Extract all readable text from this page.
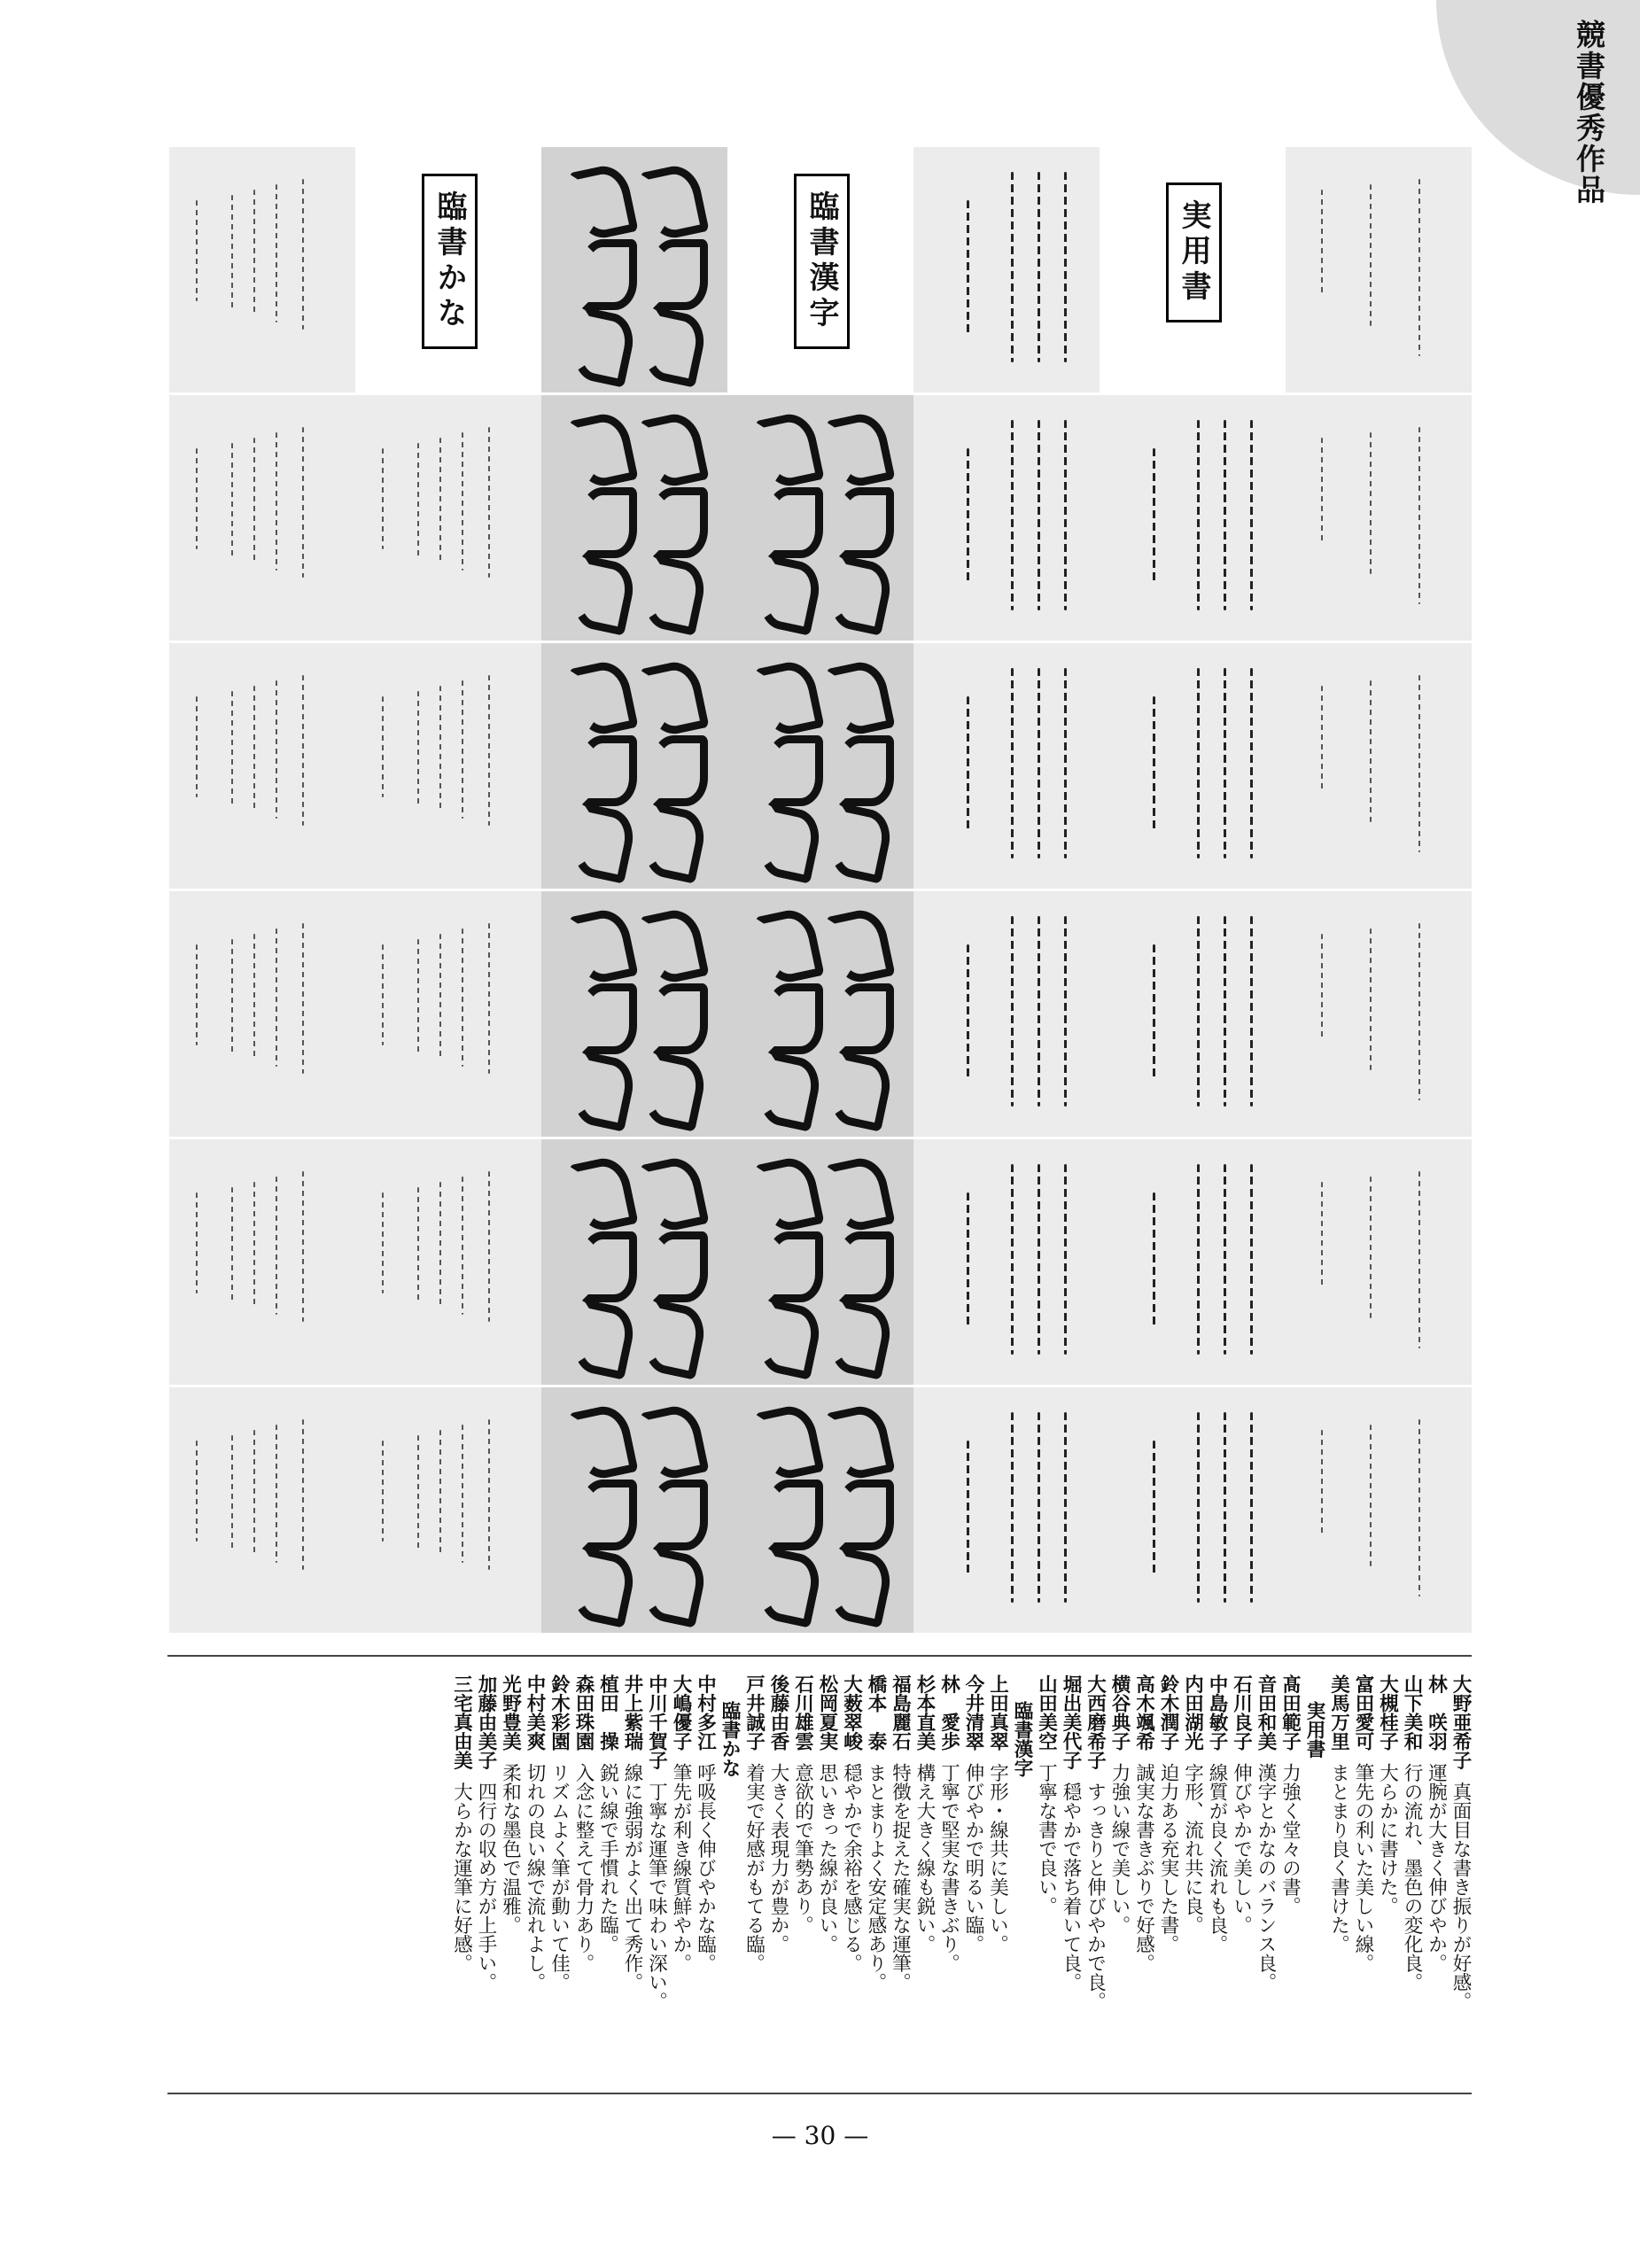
競書優秀作品
実用書
臨書漢字
臨書かな
大野亜希子真面目な書き振りが好感。
林　咲羽運腕が大きく伸びやか。
山下美和行の流れ、墨色の変化良。
大槻桂子大らかに書けた。
富田愛可筆先の利いた美しい線。
美馬万里まとまり良く書けた。
実用書
髙田範子力強く堂々の書。
音田和美漢字とかなのバランス良。
石川良子伸びやかで美しい。
中島敏子線質が良く流れも良。
内田湖光字形、流れ共に良。
鈴木潤子迫力ある充実した書。
高木颯希誠実な書きぶりで好感。
横谷典子力強い線で美しい。
大西磨希子すっきりと伸びやかで良。
堀出美代子穏やかで落ち着いて良。
山田美空丁寧な書で良い。
臨書漢字
上田真翠字形・線共に美しい。
今井清翠伸びやかで明るい臨。
林　愛歩丁寧で堅実な書きぶり。
杉本直美構え大きく線も鋭い。
福島麗石特徴を捉えた確実な運筆。
橋本　泰まとまりよく安定感あり。
大薮翠峻穏やかで余裕を感じる。
松岡夏実思いきった線が良い。
石川雄雲意欲的で筆勢あり。
後藤由香大きく表現力が豊か。
戸井誠子着実で好感がもてる臨。
臨書かな
中村多江呼吸長く伸びやかな臨。
大嶋優子筆先が利き線質鮮やか。
中川千賀子丁寧な運筆で味わい深い。
井上紫瑞線に強弱がよく出て秀作。
植田　操鋭い線で手慣れた臨。
森田珠園入念に整えて骨力あり。
鈴木彩園リズムよく筆が動いて佳。
中村美爽切れの良い線で流れよし。
光野豊美柔和な墨色で温雅。
加藤由美子四行の収め方が上手い。
三宅真由美大らかな運筆に好感。
— 30 —
